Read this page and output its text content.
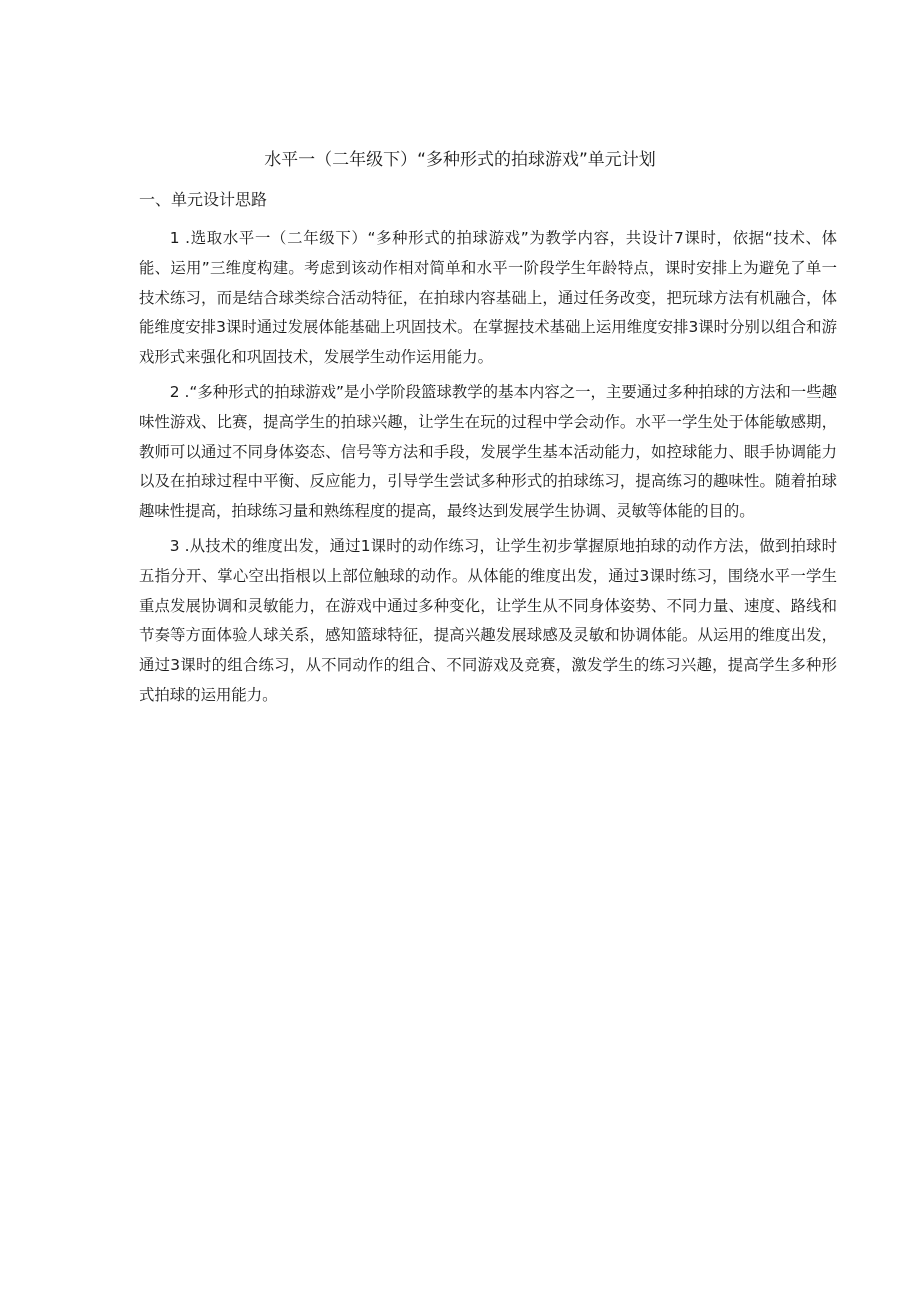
水平一（二年级下）“多种形式的拍球游戏”单元计划
一、单元设计思路

1 .选取水平一（二年级下）“多种形式的拍球游戏”为教学内容，共设计7课时，依据“技术、体能、运用”三维度构建。考虑到该动作相对简单和水平一阶段学生年龄特点，课时安排上为避免了单一技术练习，而是结合球类综合活动特征，在拍球内容基础上，通过任务改变，把玩球方法有机融合，体能维度安排3课时通过发展体能基础上巩固技术。在掌握技术基础上运用维度安排3课时分别以组合和游戏形式来强化和巩固技术，发展学生动作运用能力。

2 .“多种形式的拍球游戏”是小学阶段篮球教学的基本内容之一，主要通过多种拍球的方法和一些趣味性游戏、比赛，提高学生的拍球兴趣，让学生在玩的过程中学会动作。水平一学生处于体能敏感期，教师可以通过不同身体姿态、信号等方法和手段，发展学生基本活动能力，如控球能力、眼手协调能力以及在拍球过程中平衡、反应能力，引导学生尝试多种形式的拍球练习，提高练习的趣味性。随着拍球趣味性提高，拍球练习量和熟练程度的提高，最终达到发展学生协调、灵敏等体能的目的。

3 .从技术的维度出发，通过1课时的动作练习，让学生初步掌握原地拍球的动作方法，做到拍球时五指分开、掌心空出指根以上部位触球的动作。从体能的维度出发，通过3课时练习，围绕水平一学生重点发展协调和灵敏能力，在游戏中通过多种变化，让学生从不同身体姿势、不同力量、速度、路线和节奏等方面体验人球关系，感知篮球特征，提高兴趣发展球感及灵敏和协调体能。从运用的维度出发，通过3课时的组合练习，从不同动作的组合、不同游戏及竞赛，激发学生的练习兴趣，提高学生多种形式拍球的运用能力。
